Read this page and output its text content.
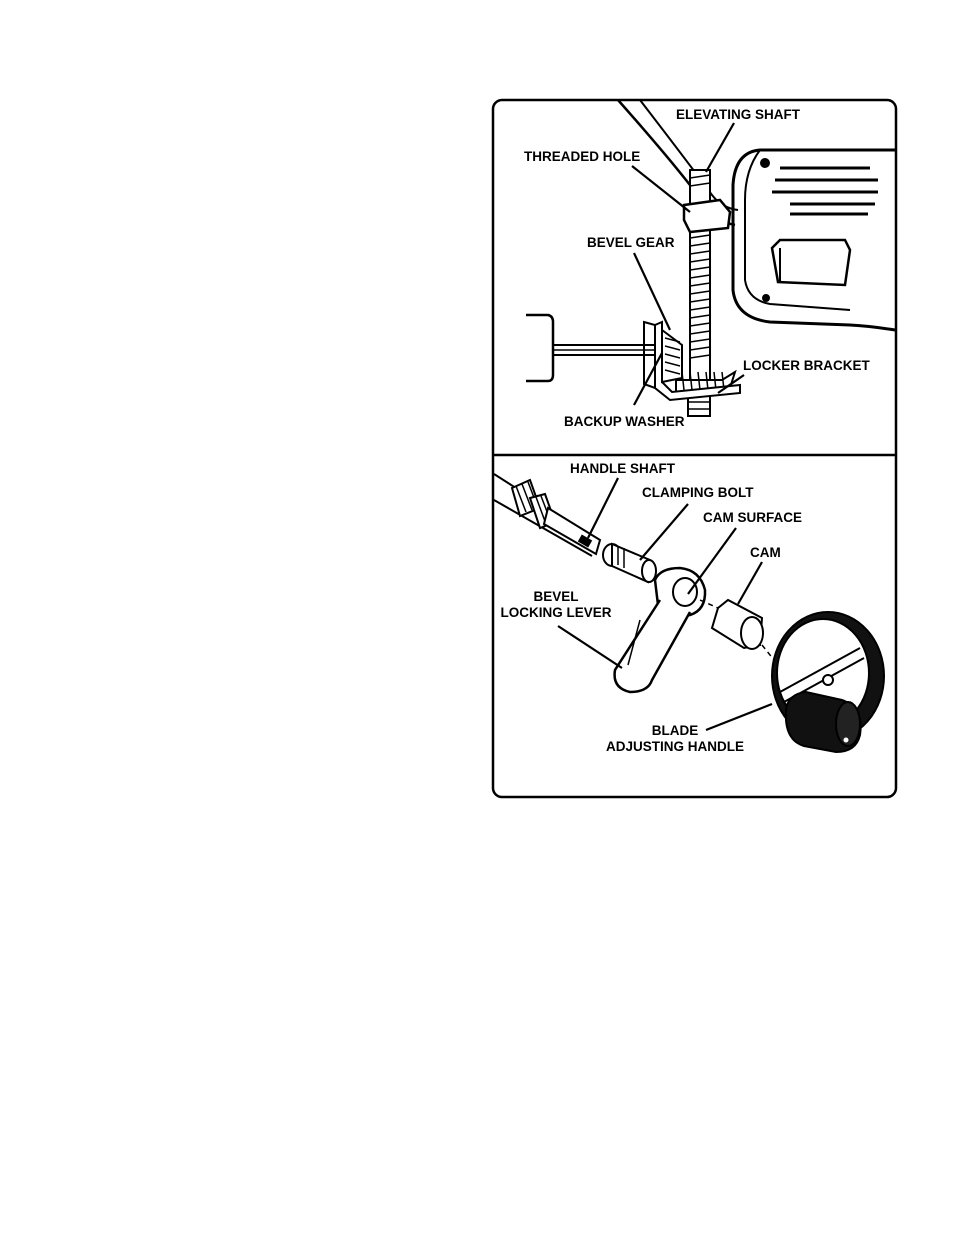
ELEVATING SHAFT
THREADED HOLE
BEVEL GEAR
LOCKER BRACKET
BACKUP WASHER
HANDLE SHAFT
CLAMPING BOLT
CAM SURFACE
CAM
BEVEL
LOCKING LEVER
BLADE
ADJUSTING HANDLE
